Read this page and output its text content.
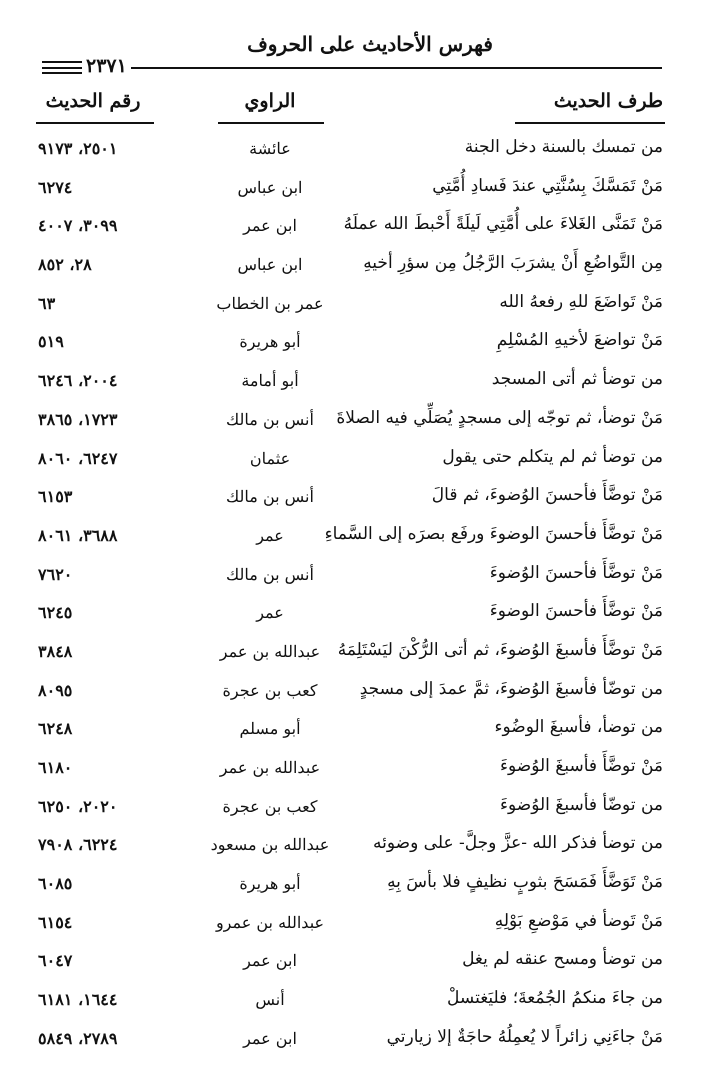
فهرس الأحاديث على الحروف
٢٣٧١
طرف الحديث
الراوي
رقم الحديث
من تمسك بالسنة دخل الجنة
عائشة
٢٥٠١، ٩١٧٣
مَنْ تَمَسَّكَ بِسُنَّتِي عندَ فَسادِ أُمَّتِي
ابن عباس
٦٢٧٤
مَنْ تَمَنَّى الغَلاءَ على أُمَّتِي لَيلَةً أَحْبطَ الله عملَهُ
ابن عمر
٣٠٩٩، ٤٠٠٧
مِن التَّواضُعِ أَنْ يشرَبَ الرَّجُلُ مِن سؤرِ أخيهِ
ابن عباس
٢٨، ٨٥٢
مَنْ تَواضَعَ للهِ رفعهُ الله
عمر بن الخطاب
٦٣
مَنْ تواضعَ لأخيهِ المُسْلِمِ
أبو هريرة
٥١٩
من توضأ ثم أتى المسجد
أبو أمامة
٢٠٠٤، ٦٢٤٦
مَنْ توضأ، ثم توجّه إلى مسجدٍ يُصَلِّي فيه الصلاةَ
أنس بن مالك
١٧٢٣، ٣٨٦٥
من توضأ ثم لم يتكلم حتى يقول
عثمان
٦٢٤٧، ٨٠٦٠
مَنْ توضَّأَ فأحسنَ الوُضوءَ، ثم قالَ
أنس بن مالك
٦١٥٣
مَنْ توضَّأَ فأحسنَ الوضوءَ ورفَع بصرَه إلى السَّماءِ
عمر
٣٦٨٨، ٨٠٦١
مَنْ توضَّأَ فأحسنَ الوُضوءَ
أنس بن مالك
٧٦٢٠
مَنْ توضَّأَ فأحسنَ الوضوءَ
عمر
٦٢٤٥
مَنْ توضَّأَ فأسبغَ الوُضوءَ، ثم أتى الرُّكْنَ ليَسْتَلِمَهُ
عبدالله بن عمر
٣٨٤٨
من توضّأ فأسبغَ الوُضوءَ، ثمَّ عمدَ إلى مسجدٍ
كعب بن عجرة
٨٠٩٥
من توضأ، فأسبغَ الوضُوء
أبو مسلم
٦٢٤٨
مَنْ توضَّأَ فأسبغَ الوُضوءَ
عبدالله بن عمر
٦١٨٠
من توضّأ فأسبغَ الوُضوءَ
كعب بن عجرة
٢٠٢٠، ٦٢٥٠
من توضأ فذكر الله -عزَّ وجلَّ- على وضوئه
عبدالله بن مسعود
٦٢٢٤، ٧٩٠٨
مَنْ تَوَضَّأَ فَمَسَحَ بثوبٍ نظيفٍ فلا بأسَ بِهِ
أبو هريرة
٦٠٨٥
مَنْ تَوضأ في مَوْضعِ بَوْلِهِ
عبدالله بن عمرو
٦١٥٤
من توضأ ومسح عنقه لم يغل
ابن عمر
٦٠٤٧
من جاءَ منكمُ الجُمُعةَ؛ فليَغتسلْ
أنس
١٦٤٤، ٦١٨١
مَنْ جاءَنِي زائراً لا يُعمِلُهُ حاجَةٌ إلا زيارتي
ابن عمر
٢٧٨٩، ٥٨٤٩
